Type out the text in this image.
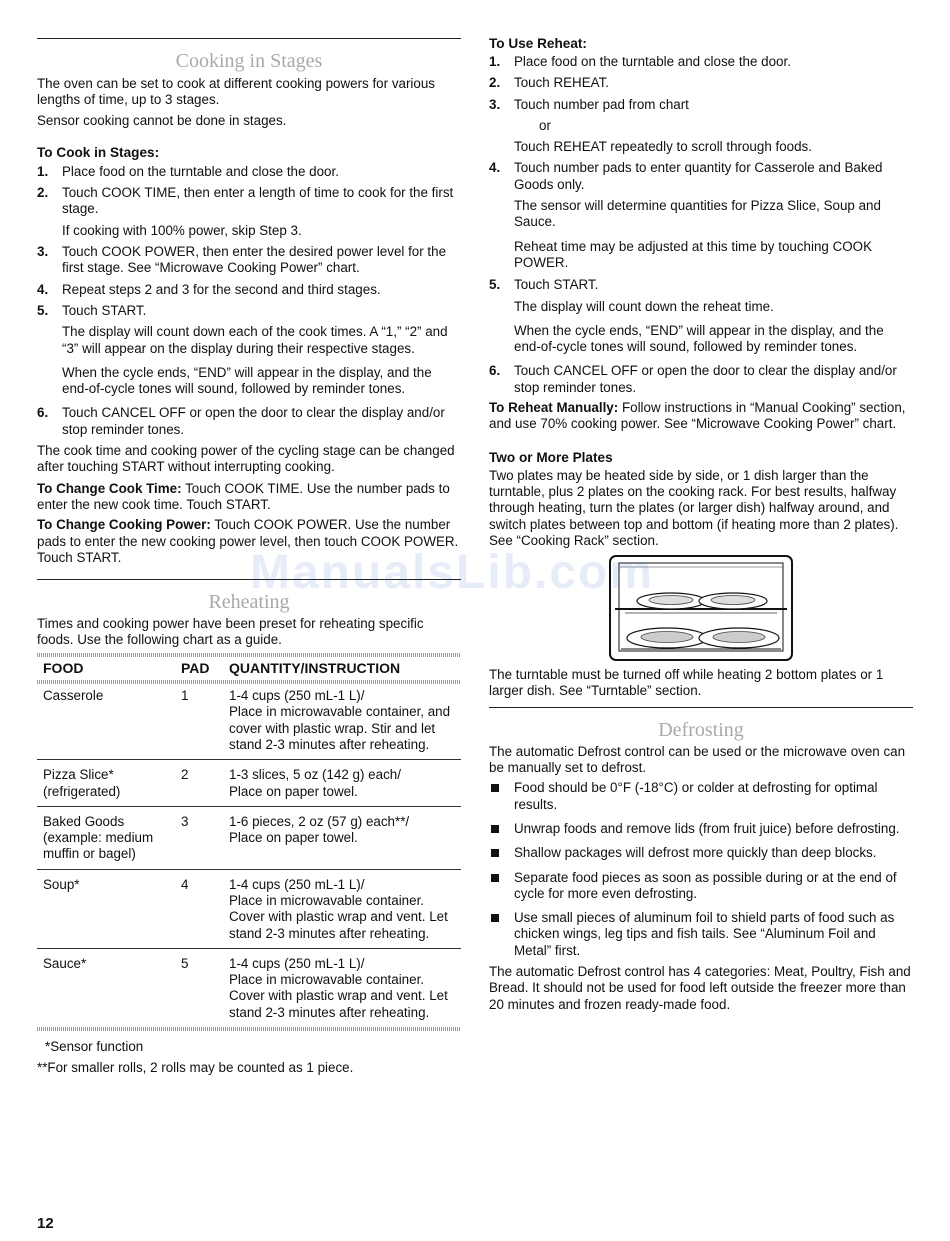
Cooking in Stages

The oven can be set to cook at different cooking powers for various lengths of time, up to 3 stages.

Sensor cooking cannot be done in stages.

To Cook in Stages:
1. Place food on the turntable and close the door.
2. Touch COOK TIME, then enter a length of time to cook for the first stage.

If cooking with 100% power, skip Step 3.

3. Touch COOK POWER, then enter the desired power level for the first stage. See “Microwave Cooking Power” chart.
4. Repeat steps 2 and 3 for the second and third stages.
5. Touch START.

The display will count down each of the cook times. A “1,” “2” and “3” will appear on the display during their respective stages.

When the cycle ends, “END” will appear in the display, and the end-of-cycle tones will sound, followed by reminder tones.

6. Touch CANCEL OFF or open the door to clear the display and/or stop reminder tones.

The cook time and cooking power of the cycling stage can be changed after touching START without interrupting cooking.

To Change Cook Time: Touch COOK TIME. Use the number pads to enter the new cook time. Touch START.

To Change Cooking Power: Touch COOK POWER. Use the number pads to enter the new cooking power level, then touch COOK POWER. Touch START.

Reheating

Times and cooking power have been preset for reheating specific foods. Use the following chart as a guide.

FOOD	PAD	QUANTITY/INSTRUCTION

Casserole	1	1-4 cups (250 mL-1 L)/
Place in microwavable container, and cover with plastic wrap. Stir and let stand 2-3 minutes after reheating.

Pizza Slice* (refrigerated)	2	1-3 slices, 5 oz (142 g) each/
Place on paper towel.

Baked Goods (example: medium muffin or bagel)	3	1-6 pieces, 2 oz (57 g) each**/
Place on paper towel.

Soup*	4	1-4 cups (250 mL-1 L)/
Place in microwavable container. Cover with plastic wrap and vent. Let stand 2-3 minutes after reheating.

Sauce*	5	1-4 cups (250 mL-1 L)/
Place in microwavable container. Cover with plastic wrap and vent. Let stand 2-3 minutes after reheating.

*Sensor function

**For smaller rolls, 2 rolls may be counted as 1 piece.

To Use Reheat:
1. Place food on the turntable and close the door.
2. Touch REHEAT.
3. Touch number pad from chart

or

Touch REHEAT repeatedly to scroll through foods.

4. Touch number pads to enter quantity for Casserole and Baked Goods only.

The sensor will determine quantities for Pizza Slice, Soup and Sauce.

Reheat time may be adjusted at this time by touching COOK POWER.

5. Touch START.

The display will count down the reheat time.

When the cycle ends, “END” will appear in the display, and the end-of-cycle tones will sound, followed by reminder tones.

6. Touch CANCEL OFF or open the door to clear the display and/or stop reminder tones.

To Reheat Manually: Follow instructions in “Manual Cooking” section, and use 70% cooking power. See “Microwave Cooking Power” chart.

Two or More Plates

Two plates may be heated side by side, or 1 dish larger than the turntable, plus 2 plates on the cooking rack. For best results, halfway through heating, turn the plates (or larger dish) halfway around, and switch plates between top and bottom (if heating more than 2 plates). See “Cooking Rack” section.

The turntable must be turned off while heating 2 bottom plates or 1 larger dish. See “Turntable” section.

Defrosting

The automatic Defrost control can be used or the microwave oven can be manually set to defrost.

Food should be 0°F (-18°C) or colder at defrosting for optimal results.
Unwrap foods and remove lids (from fruit juice) before defrosting.
Shallow packages will defrost more quickly than deep blocks.
Separate food pieces as soon as possible during or at the end of cycle for more even defrosting.
Use small pieces of aluminum foil to shield parts of food such as chicken wings, leg tips and fish tails. See “Aluminum Foil and Metal” first.

The automatic Defrost control has 4 categories: Meat, Poultry, Fish and Bread. It should not be used for food left outside the freezer more than 20 minutes and frozen ready-made food.

ManualsLib.com
12
